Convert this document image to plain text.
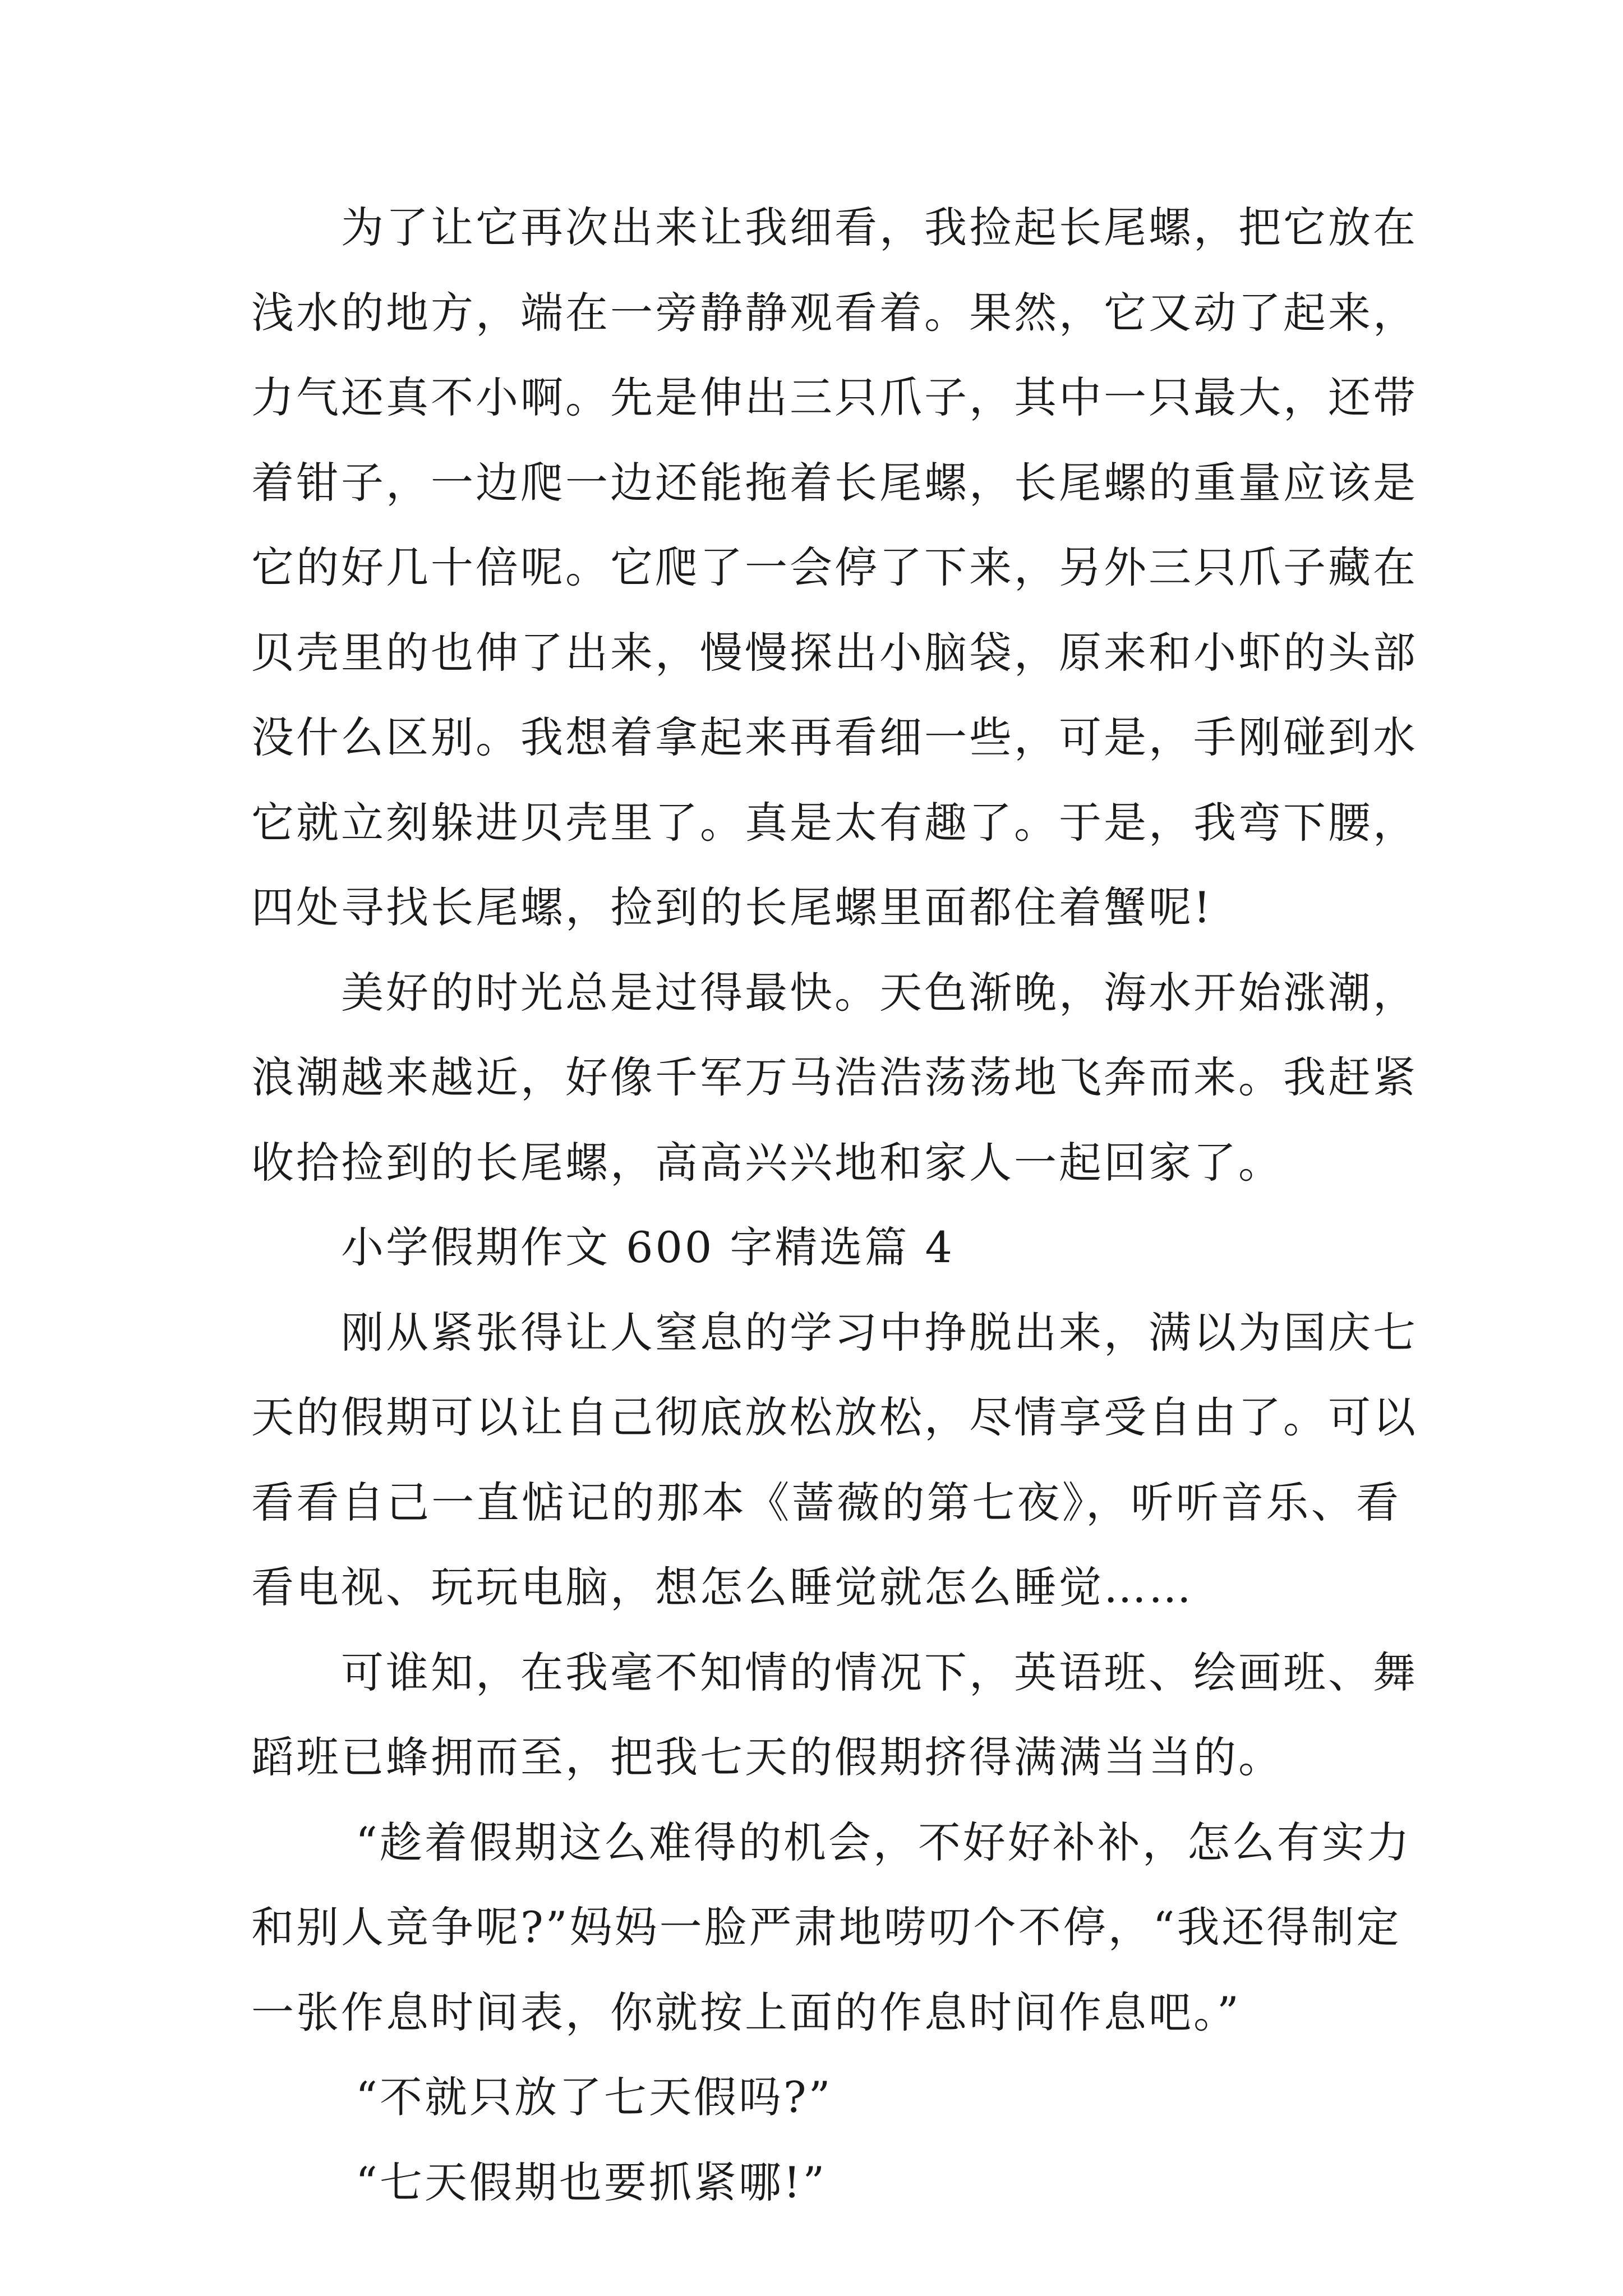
为了让它再次出来让我细看，我捡起长尾螺，把它放在
浅水的地方，端在一旁静静观看着。果然，它又动了起来，
力气还真不小啊。先是伸出三只爪子，其中一只最大，还带
着钳子，一边爬一边还能拖着长尾螺，长尾螺的重量应该是
它的好几十倍呢。它爬了一会停了下来，另外三只爪子藏在
贝壳里的也伸了出来，慢慢探出小脑袋，原来和小虾的头部
没什么区别。我想着拿起来再看细一些，可是，手刚碰到水
它就立刻躲进贝壳里了。真是太有趣了。于是，我弯下腰，
四处寻找长尾螺，捡到的长尾螺里面都住着蟹呢!
美好的时光总是过得最快。天色渐晚，海水开始涨潮，
浪潮越来越近，好像千军万马浩浩荡荡地飞奔而来。我赶紧
收拾捡到的长尾螺，高高兴兴地和家人一起回家了。
小学假期作文 600 字精选篇 4
刚从紧张得让人窒息的学习中挣脱出来，满以为国庆七
天的假期可以让自己彻底放松放松，尽情享受自由了。可以
看看自己一直惦记的那本《蔷薇的第七夜》，听听音乐、看
看电视、玩玩电脑，想怎么睡觉就怎么睡觉……
可谁知，在我毫不知情的情况下，英语班、绘画班、舞
蹈班已蜂拥而至，把我七天的假期挤得满满当当的。
“趁着假期这么难得的机会，不好好补补，怎么有实力
和别人竞争呢?”妈妈一脸严肃地唠叨个不停，“我还得制定
一张作息时间表，你就按上面的作息时间作息吧。”
“不就只放了七天假吗?”
“七天假期也要抓紧哪!”
